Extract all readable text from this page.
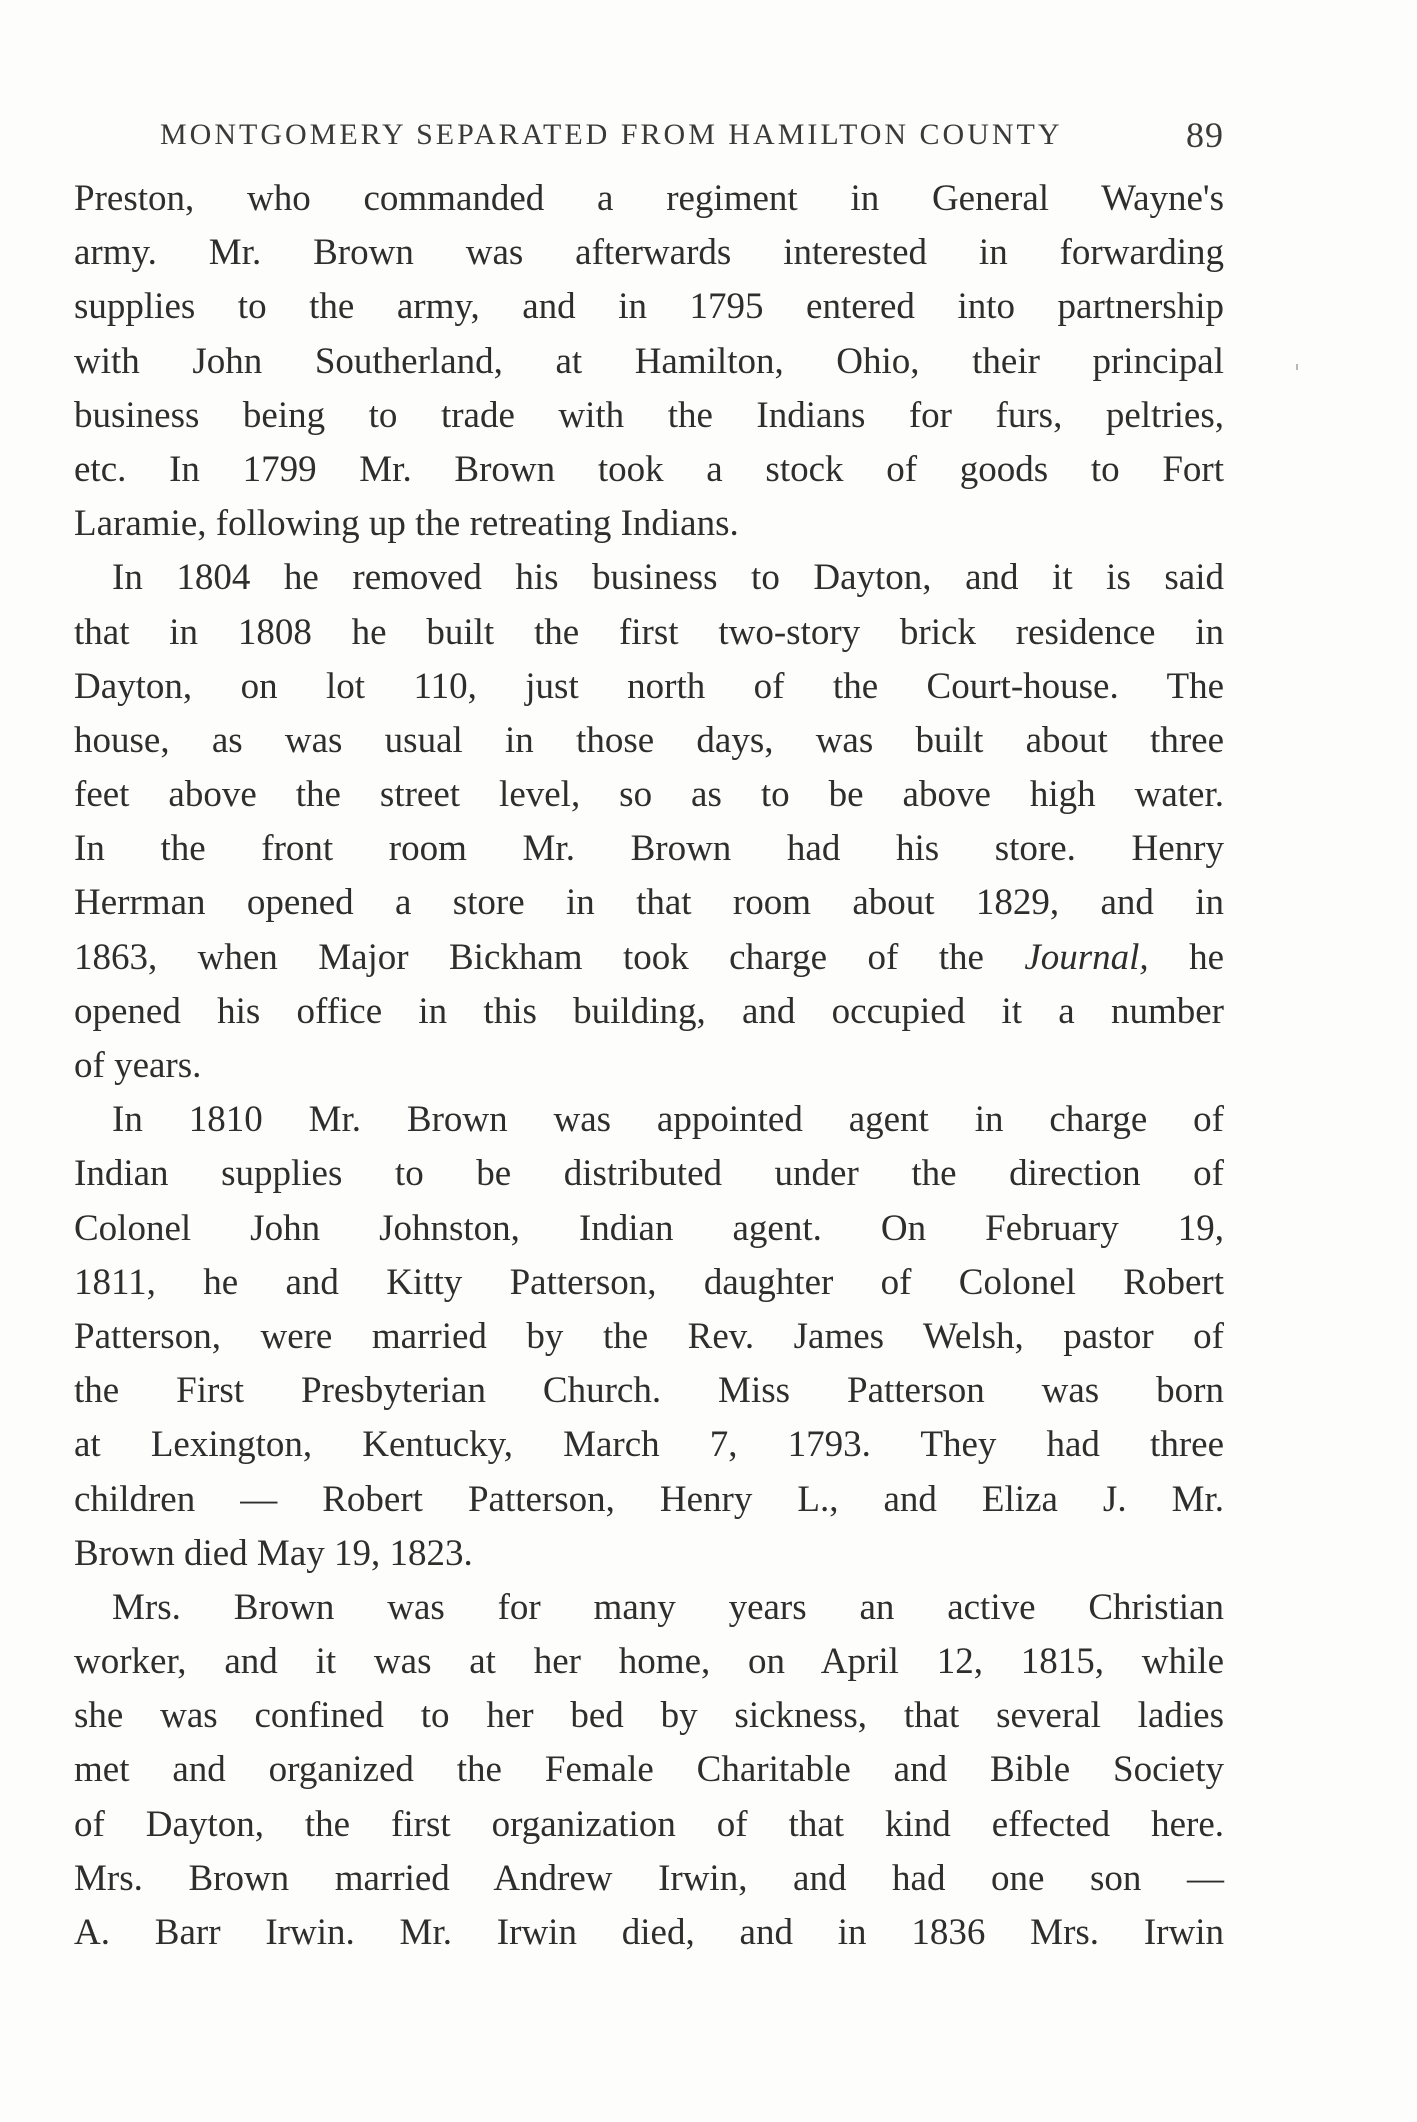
MONTGOMERY SEPARATED FROM HAMILTON COUNTY	89

Preston, who commanded a regiment in General Wayne's
army. Mr. Brown was afterwards interested in forwarding
supplies to the army, and in 1795 entered into partnership
with John Southerland, at Hamilton, Ohio, their principal
business being to trade with the Indians for furs, peltries,
etc. In 1799 Mr. Brown took a stock of goods to Fort
Laramie, following up the retreating Indians.

In 1804 he removed his business to Dayton, and it is said
that in 1808 he built the first two-story brick residence in
Dayton, on lot 110, just north of the Court-house. The
house, as was usual in those days, was built about three
feet above the street level, so as to be above high water.
In the front room Mr. Brown had his store. Henry
Herrman opened a store in that room about 1829, and in
1863, when Major Bickham took charge of the Journal, he
opened his office in this building, and occupied it a number
of years.

In 1810 Mr. Brown was appointed agent in charge of
Indian supplies to be distributed under the direction of
Colonel John Johnston, Indian agent. On February 19,
1811, he and Kitty Patterson, daughter of Colonel Robert
Patterson, were married by the Rev. James Welsh, pastor of
the First Presbyterian Church. Miss Patterson was born
at Lexington, Kentucky, March 7, 1793. They had three
children — Robert Patterson, Henry L., and Eliza J. Mr.
Brown died May 19, 1823.

Mrs. Brown was for many years an active Christian
worker, and it was at her home, on April 12, 1815, while
she was confined to her bed by sickness, that several ladies
met and organized the Female Charitable and Bible Society
of Dayton, the first organization of that kind effected here.
Mrs. Brown married Andrew Irwin, and had one son —
A. Barr Irwin. Mr. Irwin died, and in 1836 Mrs. Irwin
